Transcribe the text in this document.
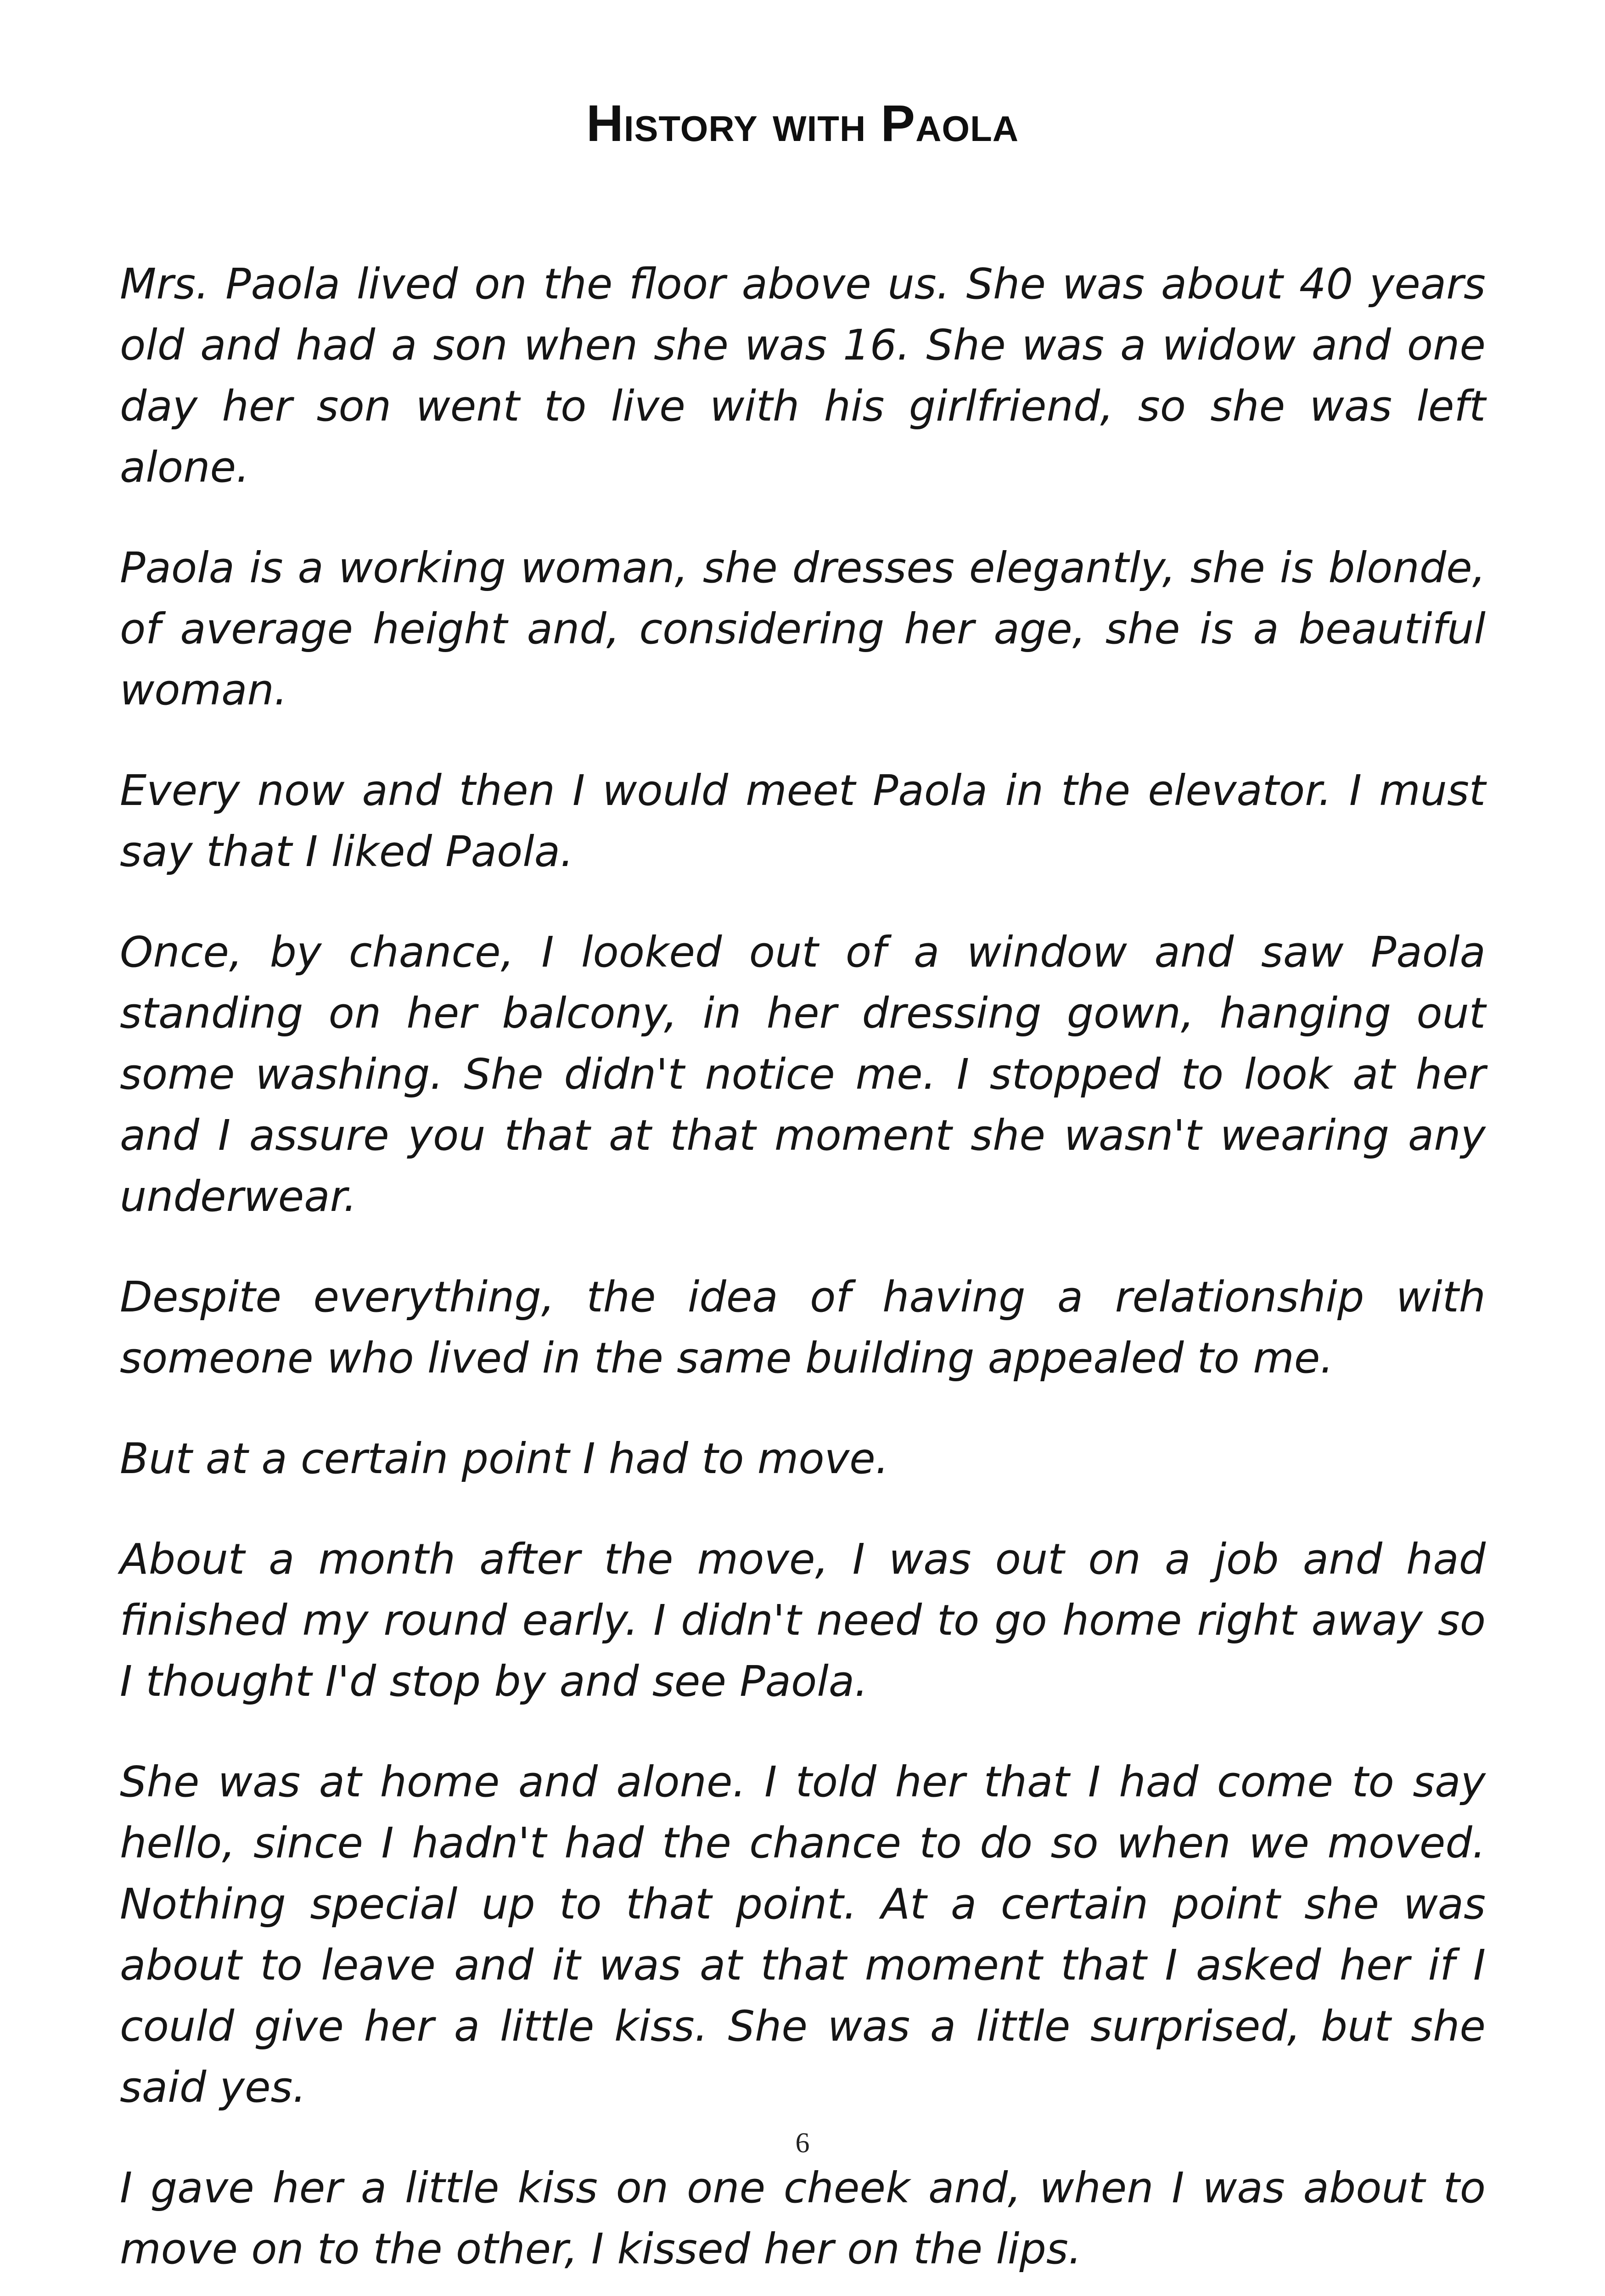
History with Paola

Mrs. Paola lived on the floor above us. She was about 40 years old and had a son when she was 16. She was a widow and one day her son went to live with his girlfriend, so she was left alone.

Paola is a working woman, she dresses elegantly, she is blonde, of average height and, considering her age, she is a beautiful woman.

Every now and then I would meet Paola in the elevator. I must say that I liked Paola.

Once, by chance, I looked out of a window and saw Paola standing on her balcony, in her dressing gown, hanging out some washing. She didn't notice me. I stopped to look at her and I assure you that at that moment she wasn't wearing any underwear.

Despite everything, the idea of having a relationship with someone who lived in the same building appealed to me.

But at a certain point I had to move.

About a month after the move, I was out on a job and had finished my round early. I didn't need to go home right away so I thought I'd stop by and see Paola.

She was at home and alone. I told her that I had come to say hello, since I hadn't had the chance to do so when we moved. Nothing special up to that point. At a certain point she was about to leave and it was at that moment that I asked her if I could give her a little kiss. She was a little surprised, but she said yes.

I gave her a little kiss on one cheek and, when I was about to move on to the other, I kissed her on the lips.

6
